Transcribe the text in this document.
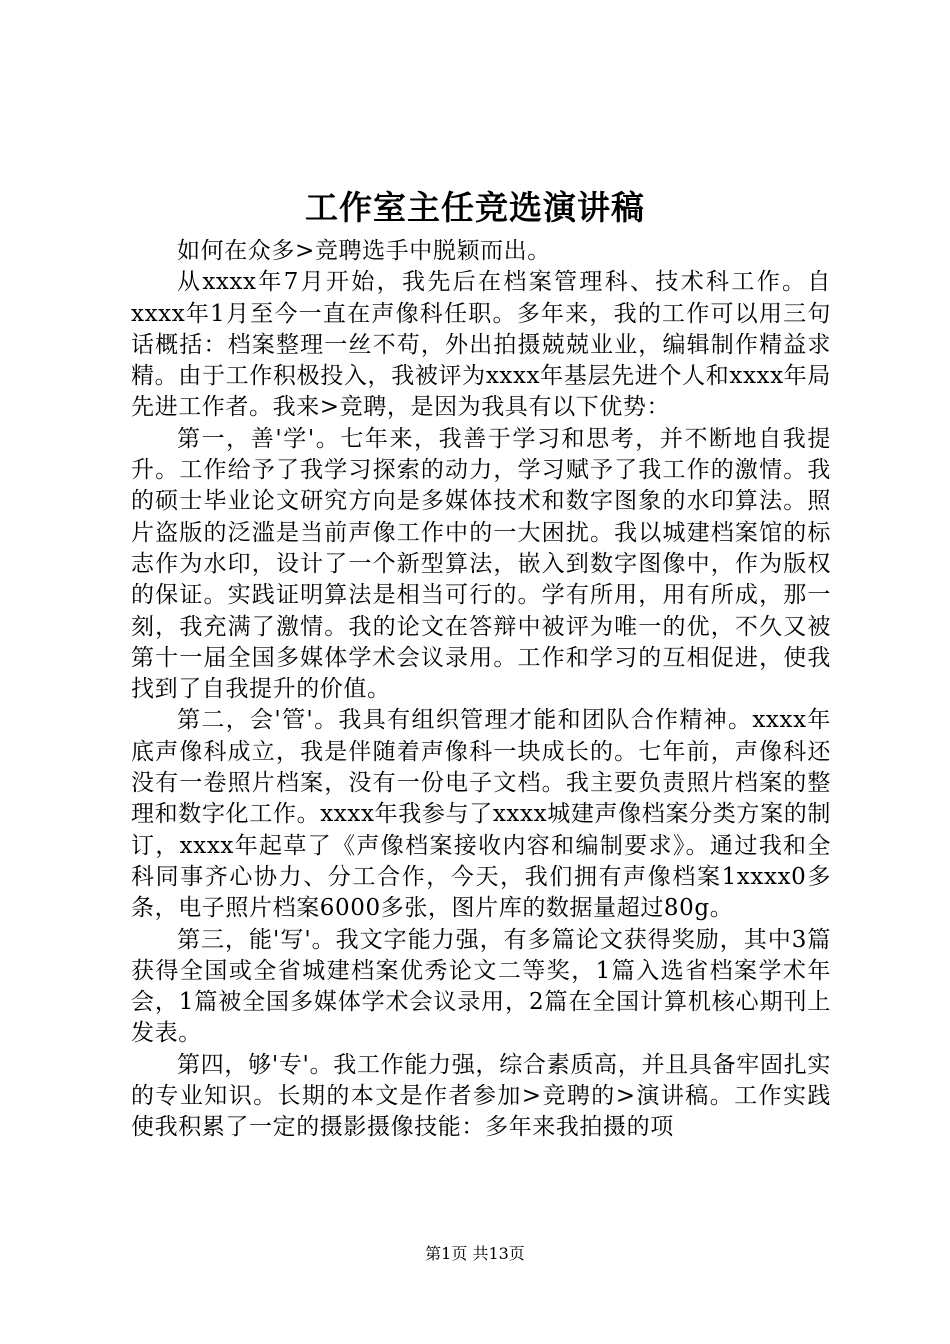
工作室主任竞选演讲稿

如何在众多>竞聘选手中脱颖而出。

从xxxx年7月开始，我先后在档案管理科、技术科工作。自xxxx年1月至今一直在声像科任职。多年来，我的工作可以用三句话概括：档案整理一丝不苟，外出拍摄兢兢业业，编辑制作精益求精。由于工作积极投入，我被评为xxxx年基层先进个人和xxxx年局先进工作者。我来>竞聘，是因为我具有以下优势：

第一，善'学'。七年来，我善于学习和思考，并不断地自我提升。工作给予了我学习探索的动力，学习赋予了我工作的激情。我的硕士毕业论文研究方向是多媒体技术和数字图象的水印算法。照片盗版的泛滥是当前声像工作中的一大困扰。我以城建档案馆的标志作为水印，设计了一个新型算法，嵌入到数字图像中，作为版权的保证。实践证明算法是相当可行的。学有所用，用有所成，那一刻，我充满了激情。我的论文在答辩中被评为唯一的优，不久又被第十一届全国多媒体学术会议录用。工作和学习的互相促进，使我找到了自我提升的价值。

第二，会'管'。我具有组织管理才能和团队合作精神。xxxx年底声像科成立，我是伴随着声像科一块成长的。七年前，声像科还没有一卷照片档案，没有一份电子文档。我主要负责照片档案的整理和数字化工作。xxxx年我参与了xxxx城建声像档案分类方案的制订，xxxx年起草了《声像档案接收内容和编制要求》。通过我和全科同事齐心协力、分工合作，今天，我们拥有声像档案1xxxx0多条，电子照片档案6000多张，图片库的数据量超过80g。

第三，能'写'。我文字能力强，有多篇论文获得奖励，其中3篇获得全国或全省城建档案优秀论文二等奖，1篇入选省档案学术年会，1篇被全国多媒体学术会议录用，2篇在全国计算机核心期刊上发表。

第四，够'专'。我工作能力强，综合素质高，并且具备牢固扎实的专业知识。长期的本文是作者参加>竞聘的>演讲稿。工作实践使我积累了一定的摄影摄像技能：多年来我拍摄的项

第1页 共13页
